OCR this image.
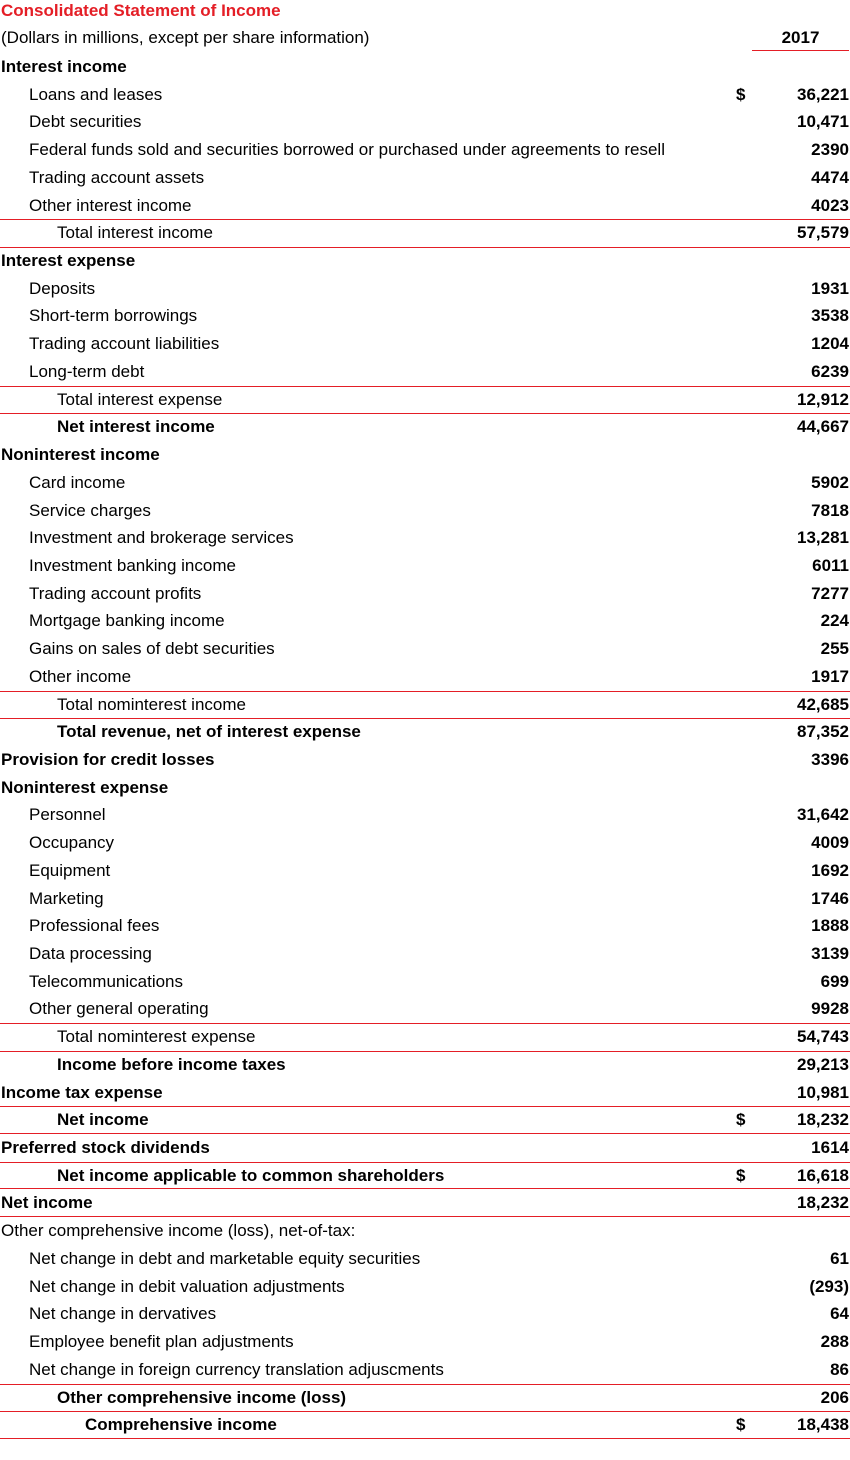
Consolidated Statement of Income
(Dollars in millions, except per share information)	2017
Interest income
Loans and leases	$	36,221
Debt securities	10,471
Federal funds sold and securities borrowed or purchased under agreements to resell	2390
Trading account assets	4474
Other interest income	4023
Total interest income	57,579
Interest expense
Deposits	1931
Short-term borrowings	3538
Trading account liabilities	1204
Long-term debt	6239
Total interest expense	12,912
Net interest income	44,667
Noninterest income
Card income	5902
Service charges	7818
Investment and brokerage services	13,281
Investment banking income	6011
Trading account profits	7277
Mortgage banking income	224
Gains on sales of debt securities	255
Other income	1917
Total nominterest income	42,685
Total revenue, net of interest expense	87,352
Provision for credit losses	3396
Noninterest expense
Personnel	31,642
Occupancy	4009
Equipment	1692
Marketing	1746
Professional fees	1888
Data processing	3139
Telecommunications	699
Other general operating	9928
Total nominterest expense	54,743
Income before income taxes	29,213
Income tax expense	10,981
Net income	$	18,232
Preferred stock dividends	1614
Net income applicable to common shareholders	$	16,618
Net income	18,232
Other comprehensive income (loss), net-of-tax:
Net change in debt and marketable equity securities	61
Net change in debit valuation adjustments	(293)
Net change in dervatives	64
Employee benefit plan adjustments	288
Net change in foreign currency translation adjuscments	86
Other comprehensive income (loss)	206
Comprehensive income	$	18,438
